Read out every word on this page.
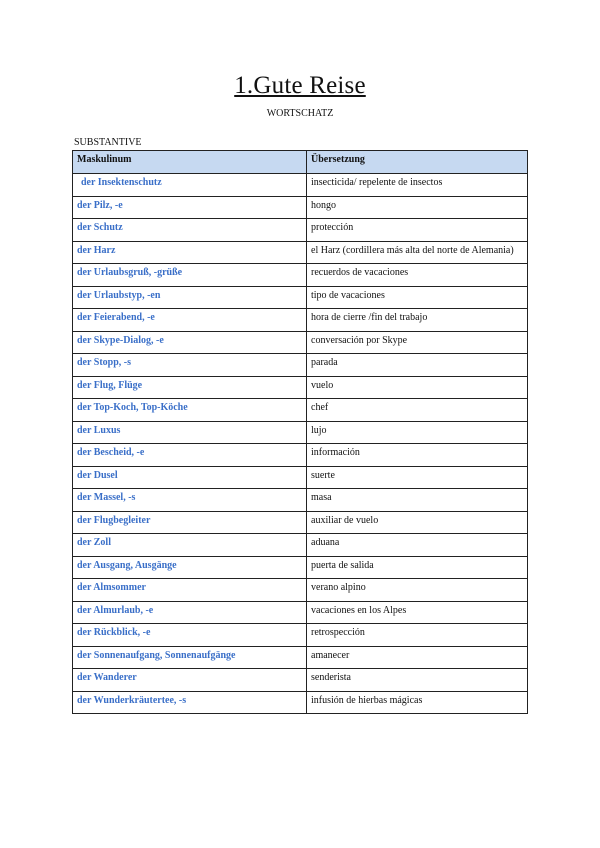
1.Gute Reise
WORTSCHATZ
SUBSTANTIVE
Maskulinum	Übersetzung
der Insektenschutz	insecticida/ repelente de insectos
der Pilz, -e	hongo
der Schutz	protección
der Harz	el Harz (cordillera más alta del norte de Alemania)
der Urlaubsgruß, -grüße	recuerdos de vacaciones
der Urlaubstyp, -en	tipo de vacaciones
der Feierabend, -e	hora de cierre /fin del trabajo
der Skype-Dialog, -e	conversación por Skype
der Stopp, -s	parada
der Flug, Flüge	vuelo
der Top-Koch, Top-Köche	chef
der Luxus	lujo
der Bescheid, -e	información
der Dusel	suerte
der Massel, -s	masa
der Flugbegleiter	auxiliar de vuelo
der Zoll	aduana
der Ausgang, Ausgänge	puerta de salida
der Almsommer	verano alpino
der Almurlaub, -e	vacaciones en los Alpes
der Rückblick, -e	retrospección
der Sonnenaufgang, Sonnenaufgänge	amanecer
der Wanderer	senderista
der Wunderkräutertee, -s	infusión de hierbas mágicas
